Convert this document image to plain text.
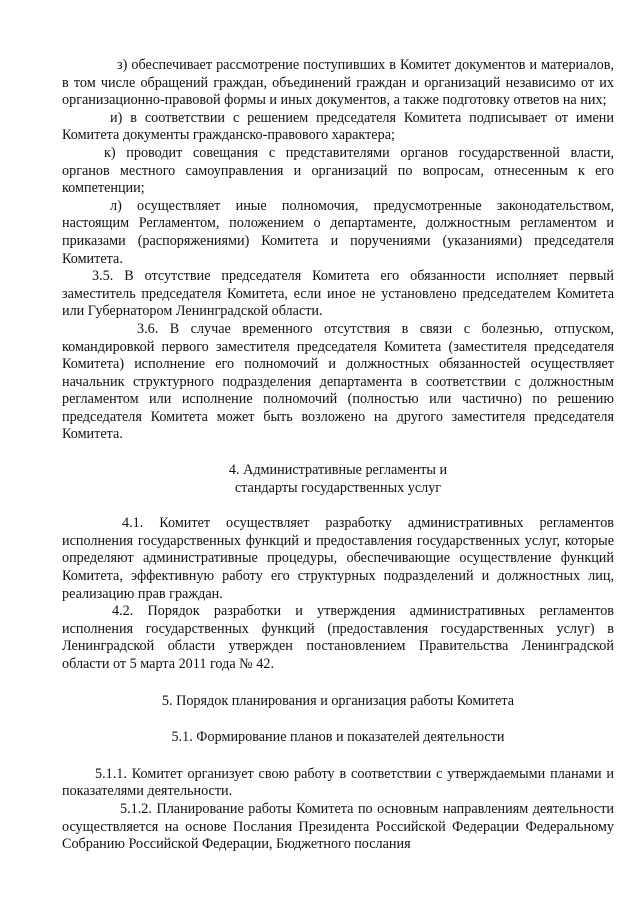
з) обеспечивает рассмотрение поступивших в Комитет документов и материалов, в том числе обращений граждан, объединений граждан и организаций независимо от их организационно-правовой формы и иных документов, а также подготовку ответов на них;

и) в соответствии с решением председателя Комитета подписывает от имени Комитета документы гражданско-правового характера;

к) проводит совещания с представителями органов государственной власти, органов местного самоуправления и организаций по вопросам, отнесенным к его компетенции;

л) осуществляет иные полномочия, предусмотренные законодательством, настоящим Регламентом, положением о департаменте, должностным регламентом и приказами (распоряжениями) Комитета и поручениями (указаниями) председателя Комитета.

3.5. В отсутствие председателя Комитета его обязанности исполняет первый заместитель председателя Комитета, если иное не установлено председателем Комитета или Губернатором Ленинградской области.

3.6. В случае временного отсутствия в связи с болезнью, отпуском, командировкой первого заместителя председателя Комитета (заместителя председателя Комитета) исполнение его полномочий и должностных обязанностей осуществляет начальник структурного подразделения департамента в соответствии с должностным регламентом или исполнение полномочий (полностью или частично) по решению председателя Комитета может быть возложено на другого заместителя председателя Комитета.

4. Административные регламенты и

стандарты государственных услуг

4.1. Комитет осуществляет разработку административных регламентов исполнения государственных функций и предоставления государственных услуг, которые определяют административные процедуры, обеспечивающие осуществление функций Комитета, эффективную работу его структурных подразделений и должностных лиц, реализацию прав граждан.

4.2. Порядок разработки и утверждения административных регламентов исполнения государственных функций (предоставления государственных услуг) в Ленинградской области утвержден постановлением Правительства Ленинградской области от 5 марта 2011 года № 42.

5. Порядок планирования и организация работы Комитета

5.1. Формирование планов и показателей деятельности

5.1.1. Комитет организует свою работу в соответствии с утверждаемыми планами и показателями деятельности.

5.1.2. Планирование работы Комитета по основным направлениям деятельности осуществляется на основе Послания Президента Российской Федерации Федеральному Собранию Российской Федерации, Бюджетного послания
